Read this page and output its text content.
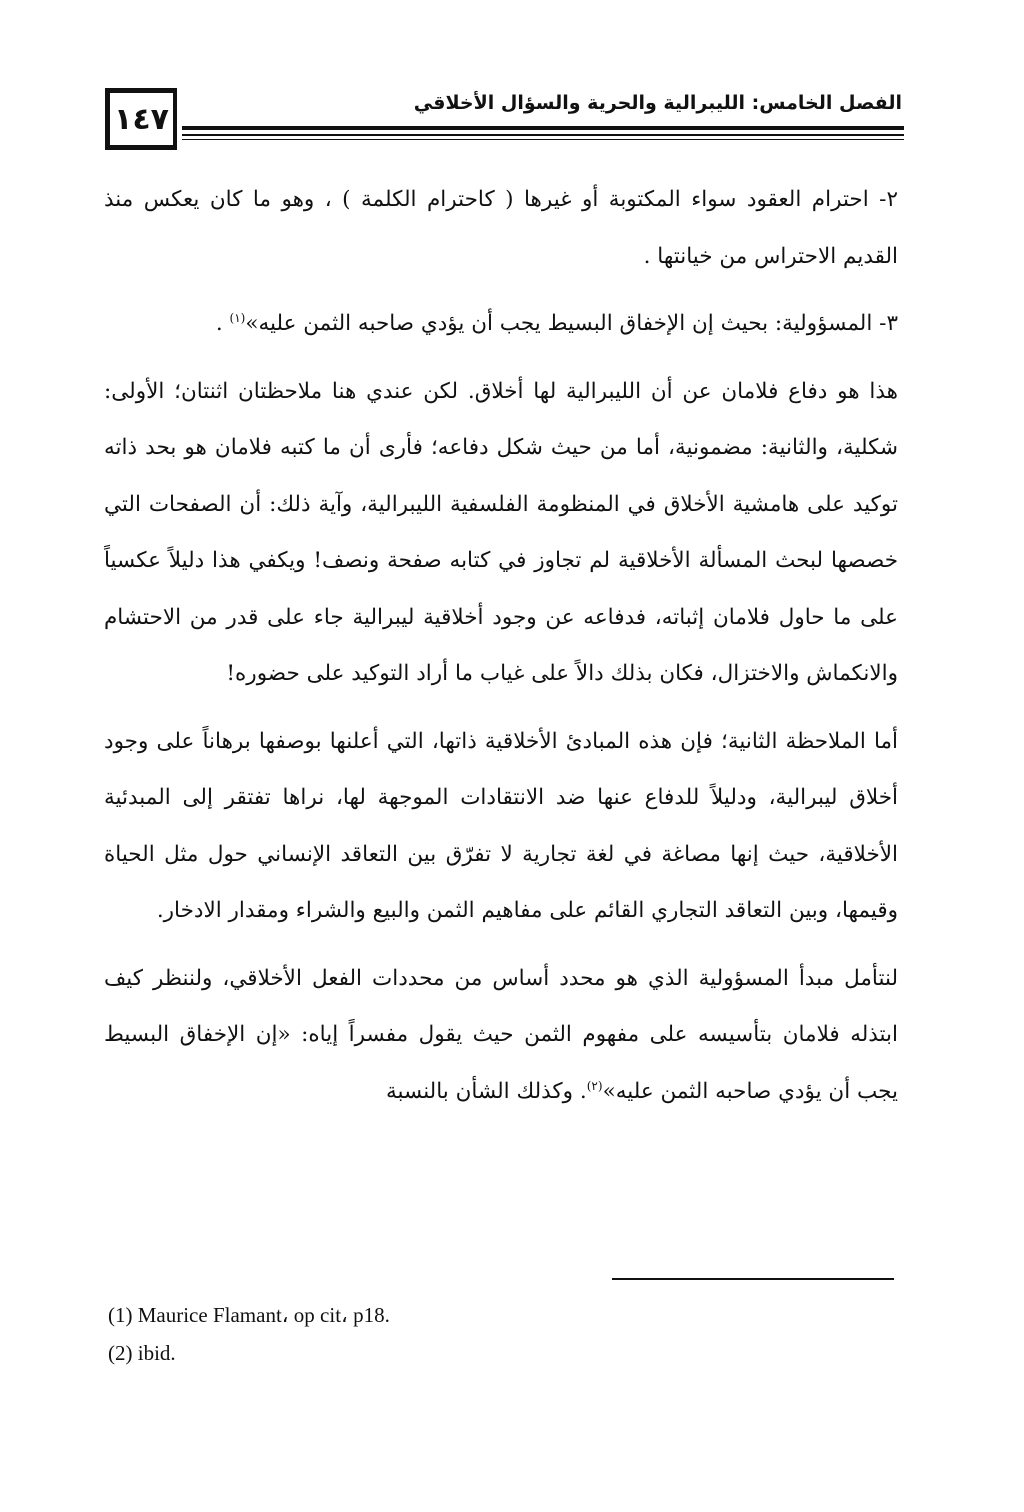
١٤٧	الفصل الخامس: الليبرالية والحرية والسؤال الأخلاقي

٢- احترام العقود سواء المكتوبة أو غيرها ( كاحترام الكلمة ) ، وهو ما كان يعكس منذ القديم الاحتراس من خيانتها .

٣- المسؤولية: بحيث إن الإخفاق البسيط يجب أن يؤدي صاحبه الثمن عليه»$^{(١)}$ .

هذا هو دفاع فلامان عن أن الليبرالية لها أخلاق. لكن عندي هنا ملاحظتان اثنتان؛ الأولى: شكلية، والثانية: مضمونية، أما من حيث شكل دفاعه؛ فأرى أن ما كتبه فلامان هو بحد ذاته توكيد على هامشية الأخلاق في المنظومة الفلسفية الليبرالية، وآية ذلك: أن الصفحات التي خصصها لبحث المسألة الأخلاقية لم تجاوز في كتابه صفحة ونصف! ويكفي هذا دليلاً عكسياً على ما حاول فلامان إثباته، فدفاعه عن وجود أخلاقية ليبرالية جاء على قدر من الاحتشام والانكماش والاختزال، فكان بذلك دالاً على غياب ما أراد التوكيد على حضوره!

أما الملاحظة الثانية؛ فإن هذه المبادئ الأخلاقية ذاتها، التي أعلنها بوصفها برهاناً على وجود أخلاق ليبرالية، ودليلاً للدفاع عنها ضد الانتقادات الموجهة لها، نراها تفتقر إلى المبدئية الأخلاقية، حيث إنها مصاغة في لغة تجارية لا تفرّق بين التعاقد الإنساني حول مثل الحياة وقيمها، وبين التعاقد التجاري القائم على مفاهيم الثمن والبيع والشراء ومقدار الادخار.

لنتأمل مبدأ المسؤولية الذي هو محدد أساس من محددات الفعل الأخلاقي، ولننظر كيف ابتذله فلامان بتأسيسه على مفهوم الثمن حيث يقول مفسراً إياه: «إن الإخفاق البسيط يجب أن يؤدي صاحبه الثمن عليه»$^{(٢)}$. وكذلك الشأن بالنسبة

(1) Maurice Flamant، op cit، p18.
(2) ibid.
